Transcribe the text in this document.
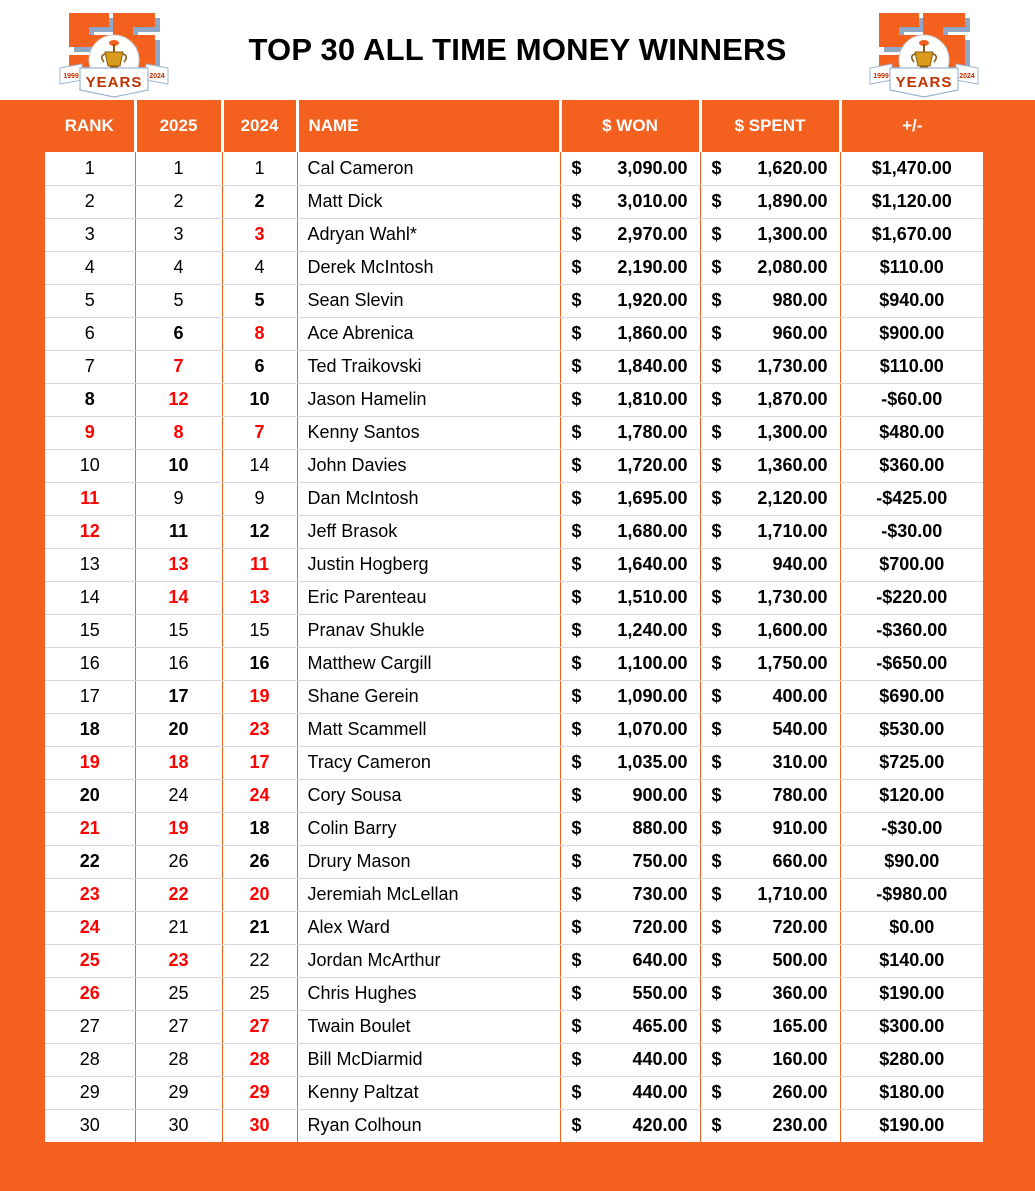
TOP 30 ALL TIME MONEY WINNERS
1999	2024
YEARS	1999	2024
YEARS
RANK	2025	2024	NAME	$ WON	$ SPENT	+/-
1	1	1	Cal Cameron	$ 3,090.00	$ 1,620.00	$1,470.00
2	2	2	Matt Dick	$ 3,010.00	$ 1,890.00	$1,120.00
3	3	3	Adryan Wahl*	$ 2,970.00	$ 1,300.00	$1,670.00
4	4	4	Derek McIntosh	$ 2,190.00	$ 2,080.00	$110.00
5	5	5	Sean Slevin	$ 1,920.00	$ 980.00	$940.00
6	6	8	Ace Abrenica	$ 1,860.00	$ 960.00	$900.00
7	7	6	Ted Traikovski	$ 1,840.00	$ 1,730.00	$110.00
8	12	10	Jason Hamelin	$ 1,810.00	$ 1,870.00	-$60.00
9	8	7	Kenny Santos	$ 1,780.00	$ 1,300.00	$480.00
10	10	14	John Davies	$ 1,720.00	$ 1,360.00	$360.00
11	9	9	Dan McIntosh	$ 1,695.00	$ 2,120.00	-$425.00
12	11	12	Jeff Brasok	$ 1,680.00	$ 1,710.00	-$30.00
13	13	11	Justin Hogberg	$ 1,640.00	$ 940.00	$700.00
14	14	13	Eric Parenteau	$ 1,510.00	$ 1,730.00	-$220.00
15	15	15	Pranav Shukle	$ 1,240.00	$ 1,600.00	-$360.00
16	16	16	Matthew Cargill	$ 1,100.00	$ 1,750.00	-$650.00
17	17	19	Shane Gerein	$ 1,090.00	$ 400.00	$690.00
18	20	23	Matt Scammell	$ 1,070.00	$ 540.00	$530.00
19	18	17	Tracy Cameron	$ 1,035.00	$ 310.00	$725.00
20	24	24	Cory Sousa	$ 900.00	$ 780.00	$120.00
21	19	18	Colin Barry	$ 880.00	$ 910.00	-$30.00
22	26	26	Drury Mason	$ 750.00	$ 660.00	$90.00
23	22	20	Jeremiah McLellan	$ 730.00	$ 1,710.00	-$980.00
24	21	21	Alex Ward	$ 720.00	$ 720.00	$0.00
25	23	22	Jordan McArthur	$ 640.00	$ 500.00	$140.00
26	25	25	Chris Hughes	$ 550.00	$ 360.00	$190.00
27	27	27	Twain Boulet	$ 465.00	$ 165.00	$300.00
28	28	28	Bill McDiarmid	$ 440.00	$ 160.00	$280.00
29	29	29	Kenny Paltzat	$ 440.00	$ 260.00	$180.00
30	30	30	Ryan Colhoun	$ 420.00	$ 230.00	$190.00
